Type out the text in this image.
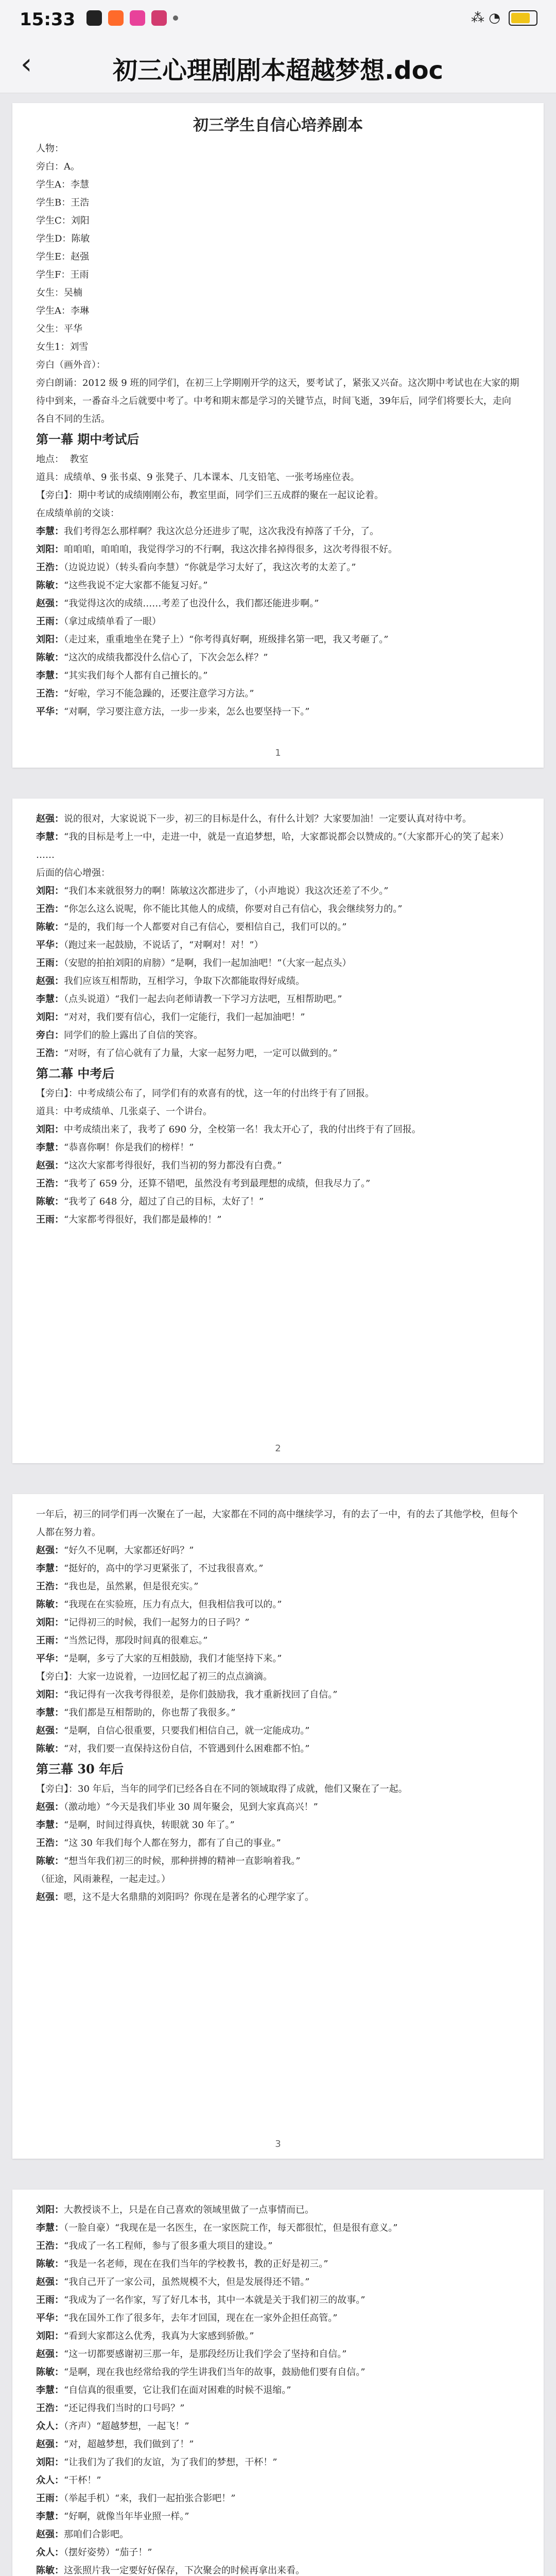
15:33	⁂ ◔
‹	初三心理剧剧本超越梦想.doc
初三学生自信心培养剧本
人物：
旁白：A。
学生A：李慧
学生B：王浩
学生C：刘阳
学生D：陈敏
学生E：赵强
学生F：王雨
女生：吴楠
学生A：李琳
父生：平华
女生1：刘雪
旁白（画外音）：
旁白朗诵：2012 级 9 班的同学们，在初三上学期刚开学的这天，要考试了，紧张又兴奋。这次期中考试也在大家的期待中到来，一番奋斗之后就要中考了。中考和期末都是学习的关键节点，时间飞逝，39年后，同学们将要长大，走向各自不同的生活。
第一幕 期中考试后
地点：  教室
道具：成绩单、9 张书桌、9 张凳子、几本课本、几支铅笔、一张考场座位表。
【旁白】：期中考试的成绩刚刚公布，教室里面，同学们三五成群的聚在一起议论着。
在成绩单前的交谈：
李慧：我们考得怎么那样啊？我这次总分还进步了呢，这次我没有掉落了千分，了。
刘阳：咱咱咱，咱咱咱，我觉得学习的不行啊，我这次排名掉得很多，这次考得很不好。
王浩：（边说边说）（转头看向李慧）“你就是学习太好了，我这次考的太差了。”
陈敏：“这些我说不定大家都不能复习好。”
赵强：“我觉得这次的成绩……考差了也没什么，我们都还能进步啊。”
王雨：（拿过成绩单看了一眼）
刘阳：（走过来，重重地坐在凳子上）“你考得真好啊，班级排名第一吧，我又考砸了。”
陈敏：“这次的成绩我都没什么信心了，下次会怎么样？”
李慧：“其实我们每个人都有自己擅长的。”
王浩：“好啦，学习不能急躁的，还要注意学习方法。”
平华：“对啊，学习要注意方法，一步一步来，怎么也要坚持一下。”
1
赵强：说的很对，大家说说下一步，初三的目标是什么，有什么计划？大家要加油！一定要认真对待中考。
李慧：“我的目标是考上一中，走进一中，就是一直追梦想，哈，大家都说都会以赞成的。”（大家都开心的笑了起来）
……
后面的信心增强：
刘阳：“我们本来就很努力的啊！陈敏这次都进步了，（小声地说）我这次还差了不少。”
王浩：“你怎么这么说呢，你不能比其他人的成绩，你要对自己有信心，我会继续努力的。”
陈敏：“是的，我们每一个人都要对自己有信心，要相信自己，我们可以的。”
平华：（跑过来一起鼓励，不说话了，“对啊对！对！”）
王雨：（安慰的拍拍刘阳的肩膀）“是啊，我们一起加油吧！”（大家一起点头）
赵强：我们应该互相帮助，互相学习，争取下次都能取得好成绩。
李慧：（点头说道）“我们一起去向老师请教一下学习方法吧，互相帮助吧。”
刘阳：“对对，我们要有信心，我们一定能行，我们一起加油吧！”
旁白：同学们的脸上露出了自信的笑容。
王浩：“对呀，有了信心就有了力量，大家一起努力吧，一定可以做到的。”
第二幕 中考后
【旁白】：中考成绩公布了，同学们有的欢喜有的忧，这一年的付出终于有了回报。
道具：中考成绩单、几张桌子、一个讲台。
刘阳：中考成绩出来了，我考了 690 分，全校第一名！我太开心了，我的付出终于有了回报。
李慧：“恭喜你啊！你是我们的榜样！”
赵强：“这次大家都考得很好，我们当初的努力都没有白费。”
王浩：“我考了 659 分，还算不错吧，虽然没有考到最理想的成绩，但我尽力了。”
陈敏：“我考了 648 分，超过了自己的目标，太好了！”
王雨：“大家都考得很好，我们都是最棒的！”
2
一年后，初三的同学们再一次聚在了一起，大家都在不同的高中继续学习，有的去了一中，有的去了其他学校，但每个人都在努力着。
赵强：“好久不见啊，大家都还好吗？”
李慧：“挺好的，高中的学习更紧张了，不过我很喜欢。”
王浩：“我也是，虽然累，但是很充实。”
陈敏：“我现在在实验班，压力有点大，但我相信我可以的。”
刘阳：“记得初三的时候，我们一起努力的日子吗？”
王雨：“当然记得，那段时间真的很难忘。”
平华：“是啊，多亏了大家的互相鼓励，我们才能坚持下来。”
【旁白】：大家一边说着，一边回忆起了初三的点点滴滴。
刘阳：“我记得有一次我考得很差，是你们鼓励我，我才重新找回了自信。”
李慧：“我们都是互相帮助的，你也帮了我很多。”
赵强：“是啊，自信心很重要，只要我们相信自己，就一定能成功。”
陈敏：“对，我们要一直保持这份自信，不管遇到什么困难都不怕。”
第三幕 30 年后
【旁白】：30 年后，当年的同学们已经各自在不同的领域取得了成就，他们又聚在了一起。
赵强：（激动地）“今天是我们毕业 30 周年聚会，见到大家真高兴！”
李慧：“是啊，时间过得真快，转眼就 30 年了。”
王浩：“这 30 年我们每个人都在努力，都有了自己的事业。”
陈敏：“想当年我们初三的时候，那种拼搏的精神一直影响着我。”
（征途，风雨兼程，一起走过。）
赵强：嗯，这不是大名鼎鼎的刘阳吗？你现在是著名的心理学家了。
3
刘阳：大教授谈不上，只是在自己喜欢的领域里做了一点事情而已。
李慧：（一脸自豪）“我现在是一名医生，在一家医院工作，每天都很忙，但是很有意义。”
王浩：“我成了一名工程师，参与了很多重大项目的建设。”
陈敏：“我是一名老师，现在在我们当年的学校教书，教的正好是初三。”
赵强：“我自己开了一家公司，虽然规模不大，但是发展得还不错。”
王雨：“我成为了一名作家，写了好几本书，其中一本就是关于我们初三的故事。”
平华：“我在国外工作了很多年，去年才回国，现在在一家外企担任高管。”
刘阳：“看到大家都这么优秀，我真为大家感到骄傲。”
赵强：“这一切都要感谢初三那一年，是那段经历让我们学会了坚持和自信。”
陈敏：“是啊，现在我也经常给我的学生讲我们当年的故事，鼓励他们要有自信。”
李慧：“自信真的很重要，它让我们在面对困难的时候不退缩。”
王浩：“还记得我们当时的口号吗？”
众人：（齐声）“超越梦想，一起飞！”
赵强：“对，超越梦想，我们做到了！”
刘阳：“让我们为了我们的友谊，为了我们的梦想，干杯！”
众人：“干杯！”
王雨：（举起手机）“来，我们一起拍张合影吧！”
李慧：“好啊，就像当年毕业照一样。”
赵强：那咱们合影吧。
众人：（摆好姿势）“茄子！”
陈敏：这张照片我一定要好好保存，下次聚会的时候再拿出来看。
